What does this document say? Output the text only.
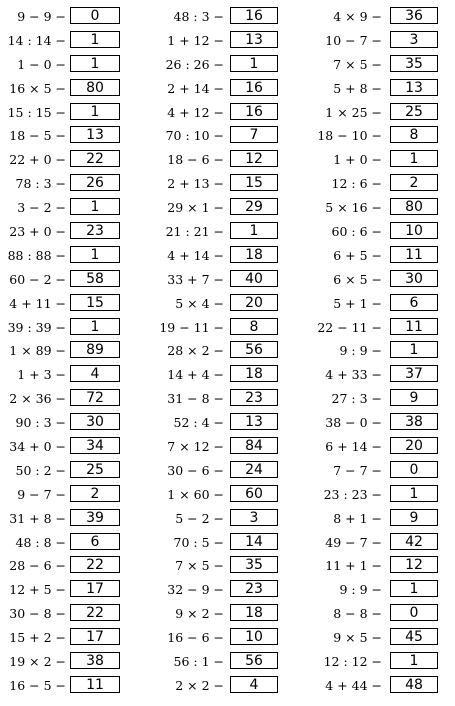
9 − 9 −	0
14 : 14 −	1
1 − 0 −	1
16 × 5 −	80
15 : 15 −	1
18 − 5 −	13
22 + 0 −	22
78 : 3 −	26
3 − 2 −	1
23 + 0 −	23
88 : 88 −	1
60 − 2 −	58
4 + 11 −	15
39 : 39 −	1
1 × 89 −	89
1 + 3 −	4
2 × 36 −	72
90 : 3 −	30
34 + 0 −	34
50 : 2 −	25
9 − 7 −	2
31 + 8 −	39
48 : 8 −	6
28 − 6 −	22
12 + 5 −	17
30 − 8 −	22
15 + 2 −	17
19 × 2 −	38
16 − 5 −	11
48 : 3 −	16
1 + 12 −	13
26 : 26 −	1
2 + 14 −	16
4 + 12 −	16
70 : 10 −	7
18 − 6 −	12
2 + 13 −	15
29 × 1 −	29
21 : 21 −	1
4 + 14 −	18
33 + 7 −	40
5 × 4 −	20
19 − 11 −	8
28 × 2 −	56
14 + 4 −	18
31 − 8 −	23
52 : 4 −	13
7 × 12 −	84
30 − 6 −	24
1 × 60 −	60
5 − 2 −	3
70 : 5 −	14
7 × 5 −	35
32 − 9 −	23
9 × 2 −	18
16 − 6 −	10
56 : 1 −	56
2 × 2 −	4
4 × 9 −	36
10 − 7 −	3
7 × 5 −	35
5 + 8 −	13
1 × 25 −	25
18 − 10 −	8
1 + 0 −	1
12 : 6 −	2
5 × 16 −	80
60 : 6 −	10
6 + 5 −	11
6 × 5 −	30
5 + 1 −	6
22 − 11 −	11
9 : 9 −	1
4 + 33 −	37
27 : 3 −	9
38 − 0 −	38
6 + 14 −	20
7 − 7 −	0
23 : 23 −	1
8 + 1 −	9
49 − 7 −	42
11 + 1 −	12
9 : 9 −	1
8 − 8 −	0
9 × 5 −	45
12 : 12 −	1
4 + 44 −	48
